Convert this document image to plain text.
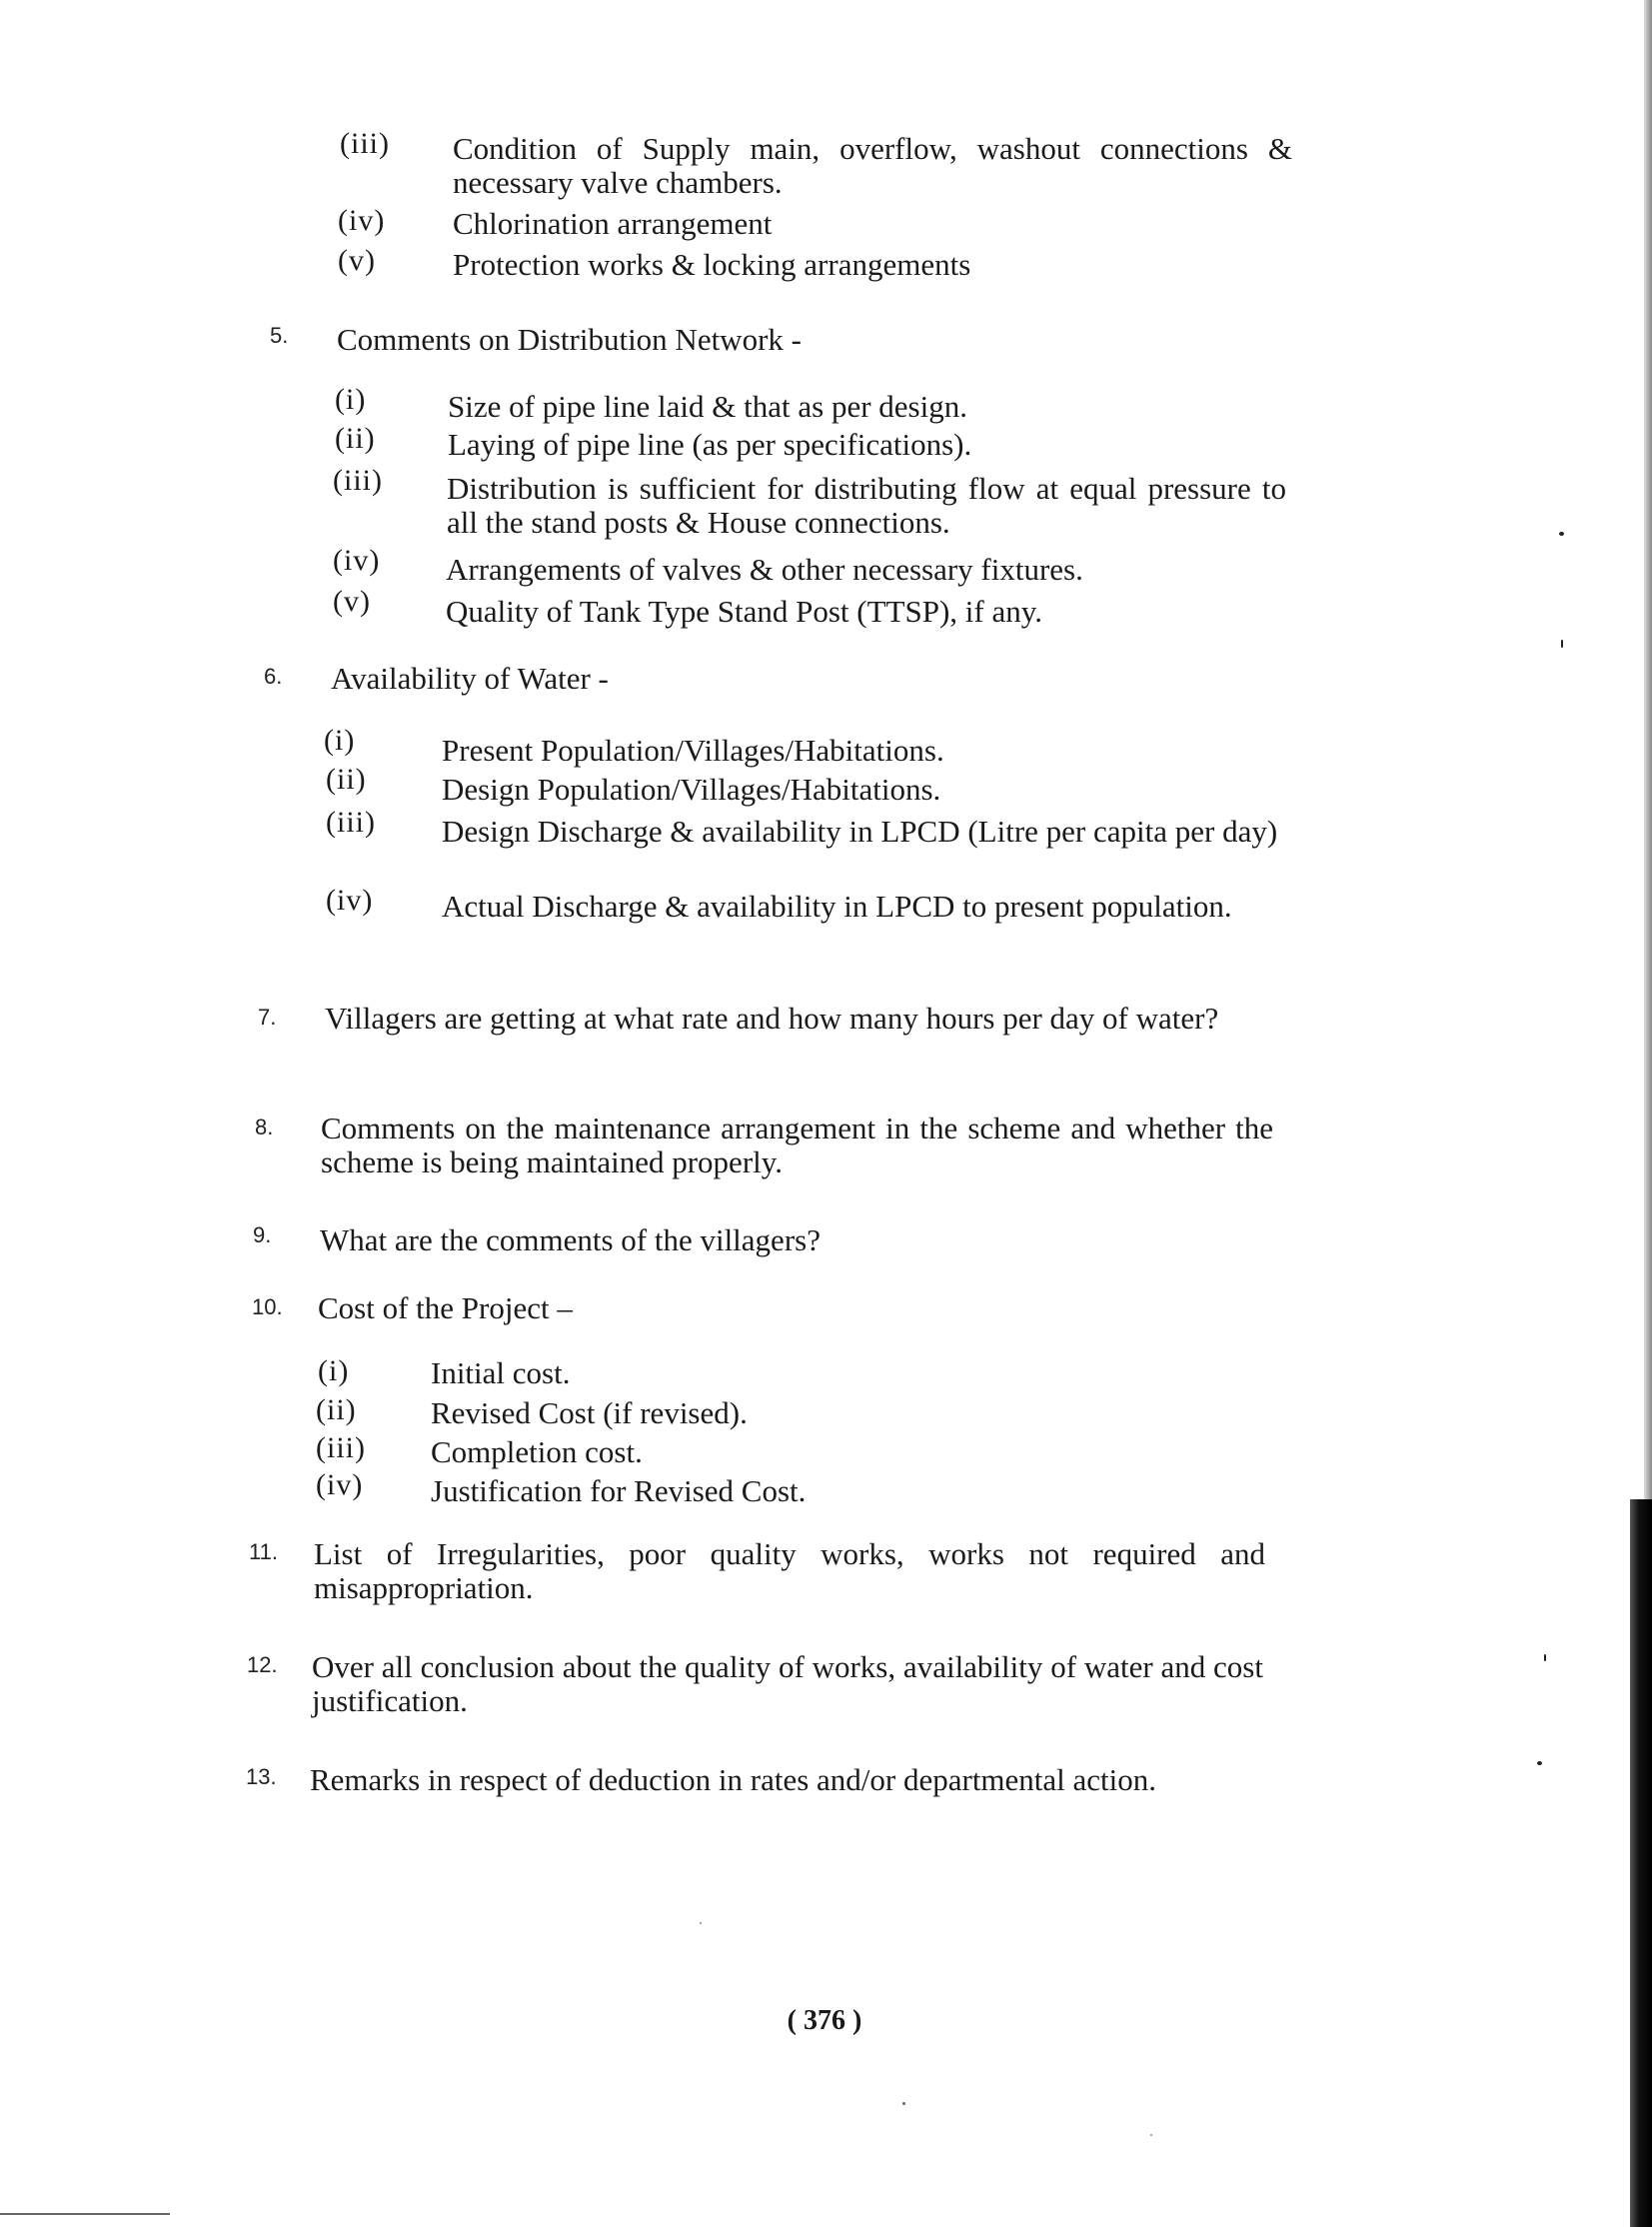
(iii) Condition of Supply main, overflow, washout connections & necessary valve chambers.
(iv) Chlorination arrangement
(v) Protection works & locking arrangements
5. Comments on Distribution Network -
(i)	Size of pipe line laid & that as per design.
(ii) Laying of pipe line (as per specifications).
(iii) Distribution is sufficient for distributing flow at equal pressure to all the stand posts & House connections.
(iv) Arrangements of valves & other necessary fixtures.
(v) Quality of Tank Type Stand Post (TTSP), if any.
6. Availability of Water -
(i)	Present Population/Villages/Habitations.
(ii) Design Population/Villages/Habitations.
(iii) Design Discharge & availability in LPCD (Litre per capita per day)
(iv) Actual Discharge & availability in LPCD to present population.
7. Villagers are getting at what rate and how many hours per day of water?
8. Comments on the maintenance arrangement in the scheme and whether the scheme is being maintained properly.
9. What are the comments of the villagers?
10. Cost of the Project –
(i)	Initial cost.
(ii) Revised Cost (if revised).
(iii) Completion cost.
(iv) Justification for Revised Cost.
11. List of Irregularities, poor quality works, works not required and misappropriation.
12. Over all conclusion about the quality of works, availability of water and cost justification.
13. Remarks in respect of deduction in rates and/or departmental action.
( 376 )
